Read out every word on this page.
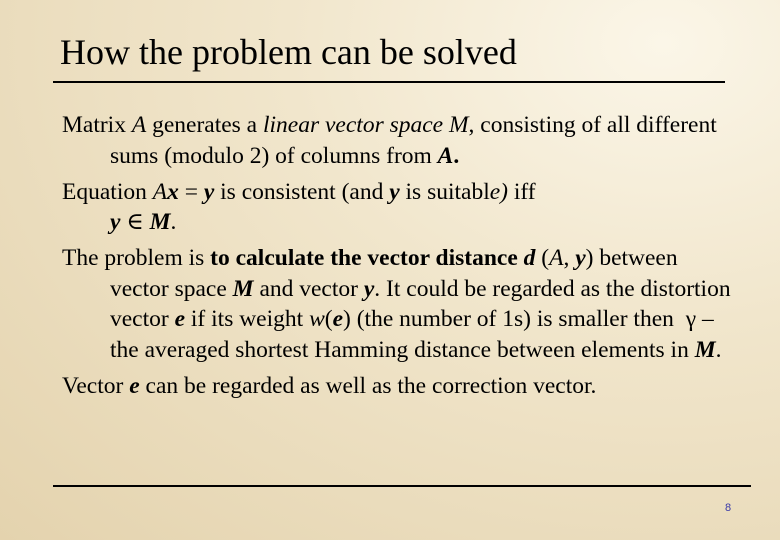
How the problem can be solved

Matrix A generates a linear vector space M, consisting of all different sums (modulo 2) of columns from A.

Equation Ax = y is consistent (and y is suitable) iff
y ∈ M.

The problem is to calculate the vector distance d (A, y) between vector space M and vector y. It could be regarded as the distortion vector e if its weight w(e) (the number of 1s) is smaller then γ – the averaged shortest Hamming distance between elements in M.

Vector e can be regarded as well as the correction vector.

8
